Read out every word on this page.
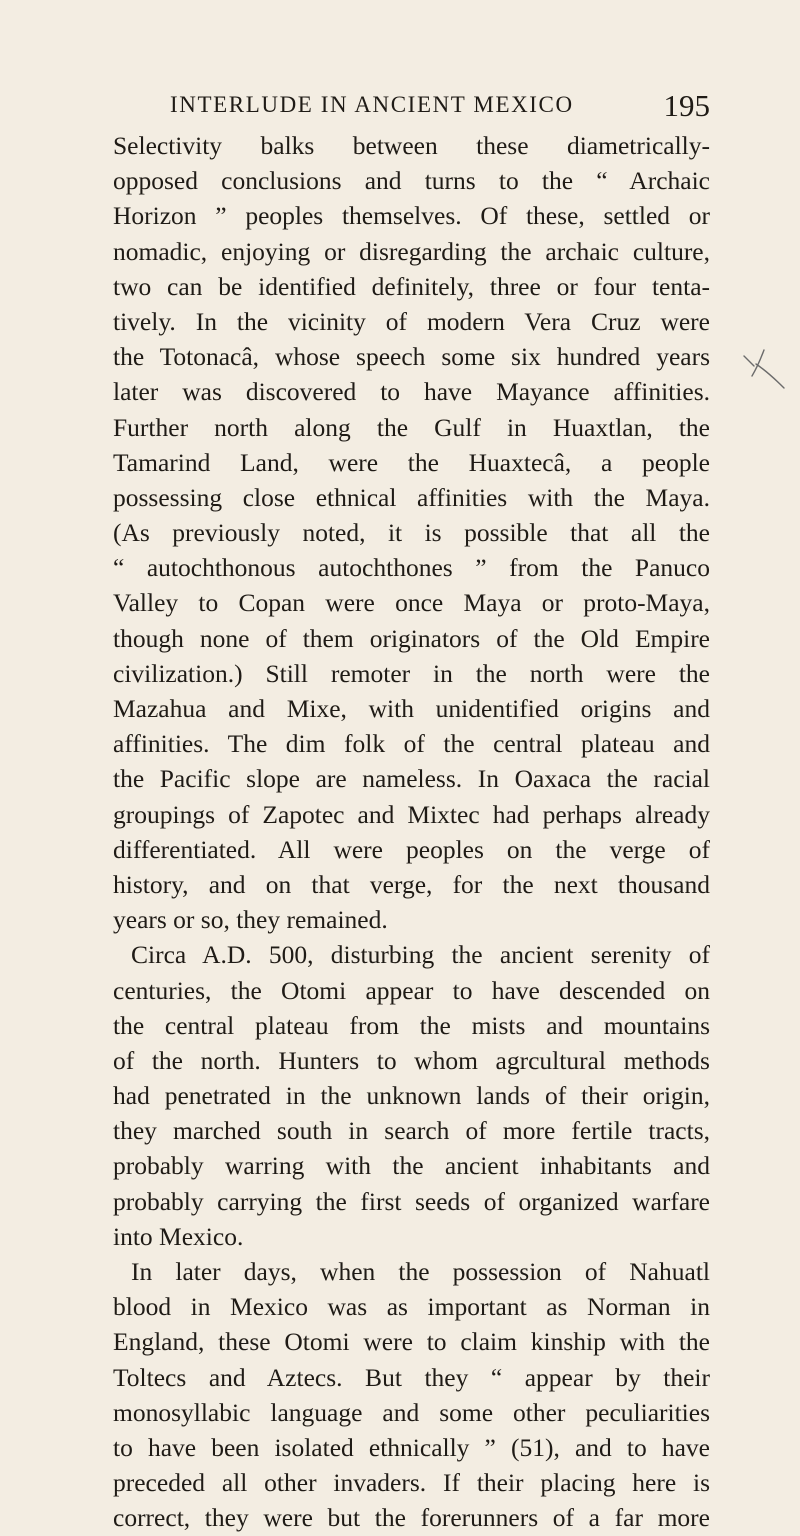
INTERLUDE IN ANCIENT MEXICO	195
Selectivity balks between these diametrically-
opposed conclusions and turns to the “ Archaic
Horizon ” peoples themselves. Of these, settled or
nomadic, enjoying or disregarding the archaic culture,
two can be identified definitely, three or four tenta-
tively. In the vicinity of modern Vera Cruz were
the Totonacâ, whose speech some six hundred years
later was discovered to have Mayance affinities.
Further north along the Gulf in Huaxtlan, the
Tamarind Land, were the Huaxtecâ, a people
possessing close ethnical affinities with the Maya.
(As previously noted, it is possible that all the
“ autochthonous autochthones ” from the Panuco
Valley to Copan were once Maya or proto-Maya,
though none of them originators of the Old Empire
civilization.) Still remoter in the north were the
Mazahua and Mixe, with unidentified origins and
affinities. The dim folk of the central plateau and
the Pacific slope are nameless. In Oaxaca the racial
groupings of Zapotec and Mixtec had perhaps already
differentiated. All were peoples on the verge of
history, and on that verge, for the next thousand
years or so, they remained.
Circa A.D. 500, disturbing the ancient serenity of
centuries, the Otomi appear to have descended on
the central plateau from the mists and mountains
of the north. Hunters to whom agrcultural methods
had penetrated in the unknown lands of their origin,
they marched south in search of more fertile tracts,
probably warring with the ancient inhabitants and
probably carrying the first seeds of organized warfare
into Mexico.
In later days, when the possession of Nahuatl
blood in Mexico was as important as Norman in
England, these Otomi were to claim kinship with the
Toltecs and Aztecs. But they “ appear by their
monosyllabic language and some other peculiarities
to have been isolated ethnically ” (51), and to have
preceded all other invaders. If their placing here is
correct, they were but the forerunners of a far more
